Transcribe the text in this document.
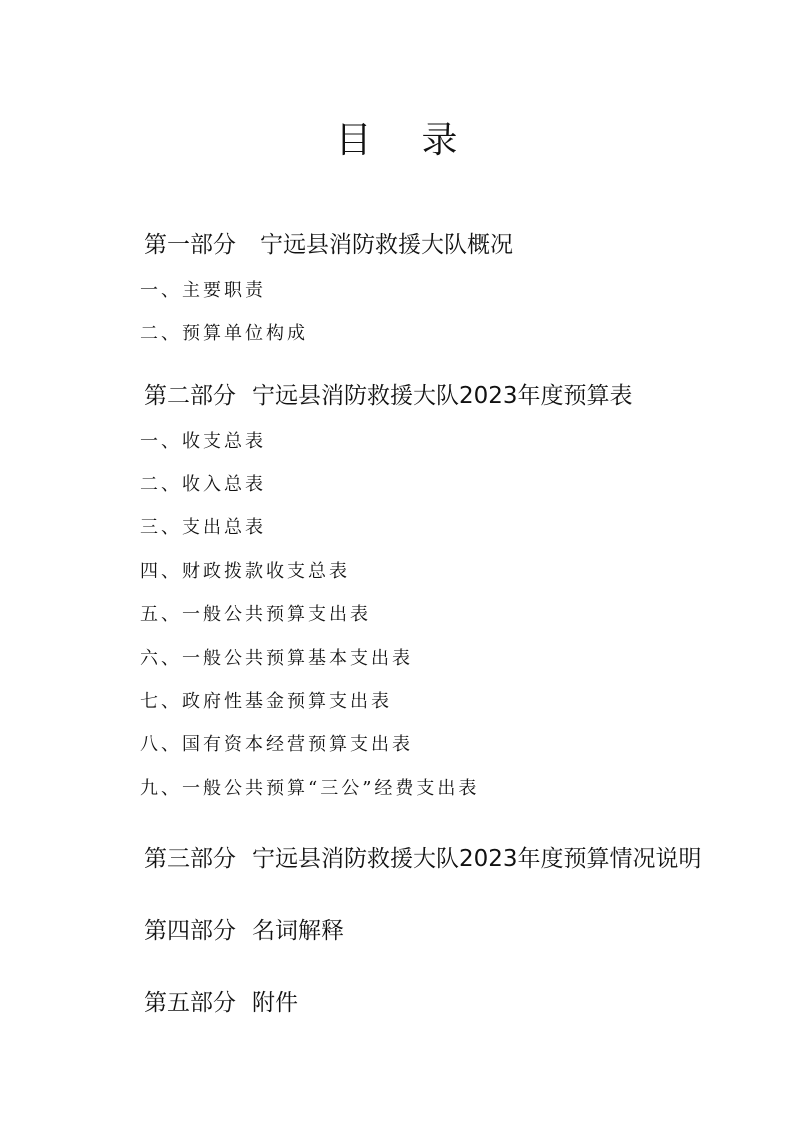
目 录
第一部分 宁远县消防救援大队概况
一、主要职责
二、预算单位构成
第二部分 宁远县消防救援大队2023年度预算表
一、收支总表
二、收入总表
三、支出总表
四、财政拨款收支总表
五、一般公共预算支出表
六、一般公共预算基本支出表
七、政府性基金预算支出表
八、国有资本经营预算支出表
九、一般公共预算“三公”经费支出表
第三部分 宁远县消防救援大队2023年度预算情况说明
第四部分 名词解释
第五部分 附件
